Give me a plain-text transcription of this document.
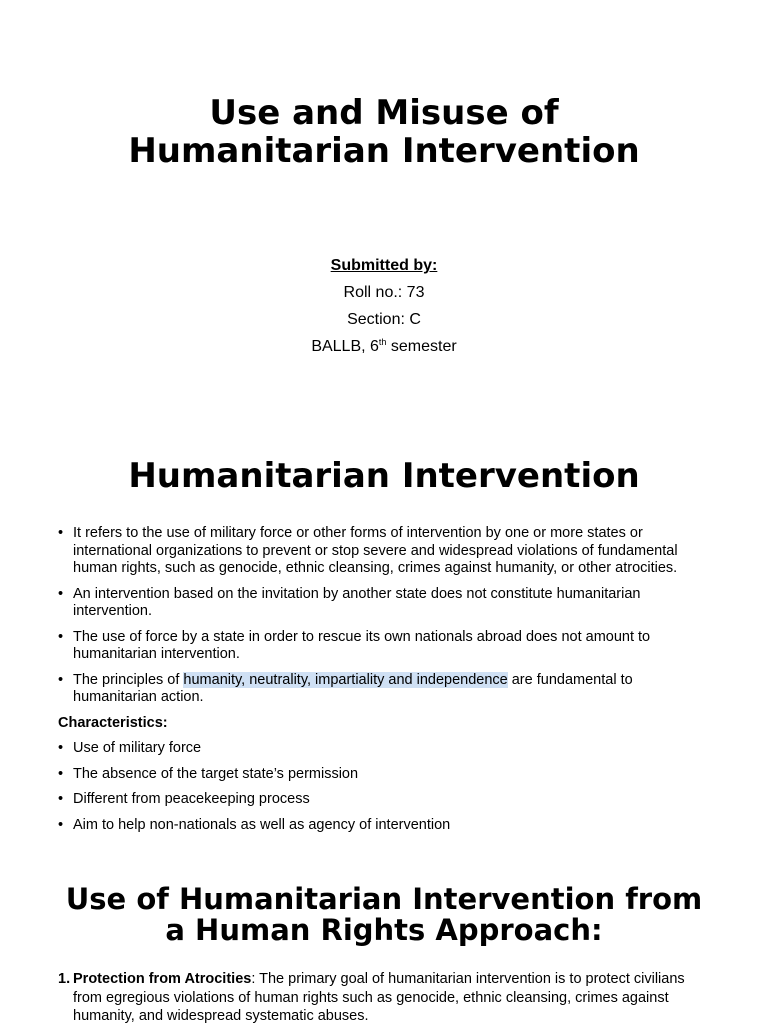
Use and Misuse of
Humanitarian Intervention
Submitted by:
Roll no.: 73
Section: C
BALLB, 6th semester
Humanitarian Intervention
• It refers to the use of military force or other forms of intervention by one or more states or international organizations to prevent or stop severe and widespread violations of fundamental human rights, such as genocide, ethnic cleansing, crimes against humanity, or other atrocities.
• An intervention based on the invitation by another state does not constitute humanitarian intervention.
• The use of force by a state in order to rescue its own nationals abroad does not amount to humanitarian intervention.
• The principles of humanity, neutrality, impartiality and independence are fundamental to humanitarian action.
Characteristics:
• Use of military force
• The absence of the target state’s permission
• Different from peacekeeping process
• Aim to help non-nationals as well as agency of intervention
Use of Humanitarian Intervention from
a Human Rights Approach:
1. Protection from Atrocities: The primary goal of humanitarian intervention is to protect civilians from egregious violations of human rights such as genocide, ethnic cleansing, crimes against humanity, and widespread systematic abuses.
